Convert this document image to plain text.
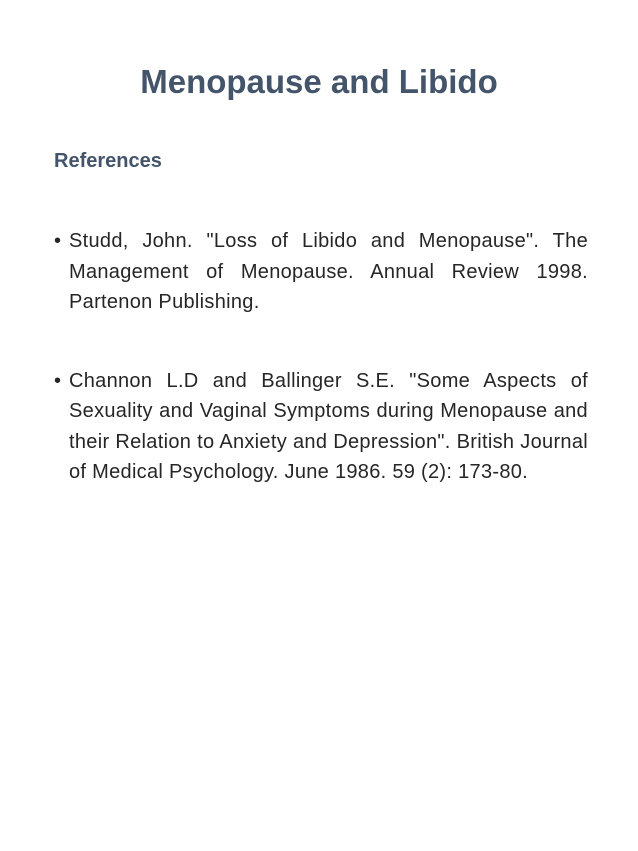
Menopause and Libido
References
• Studd, John. "Loss of Libido and Menopause". The Management of Menopause. Annual Review 1998. Partenon Publishing.
• Channon L.D and Ballinger S.E. "Some Aspects of Sexuality and Vaginal Symptoms during Menopause and their Relation to Anxiety and Depression". British Journal of Medical Psychology. June 1986. 59 (2): 173-80.
